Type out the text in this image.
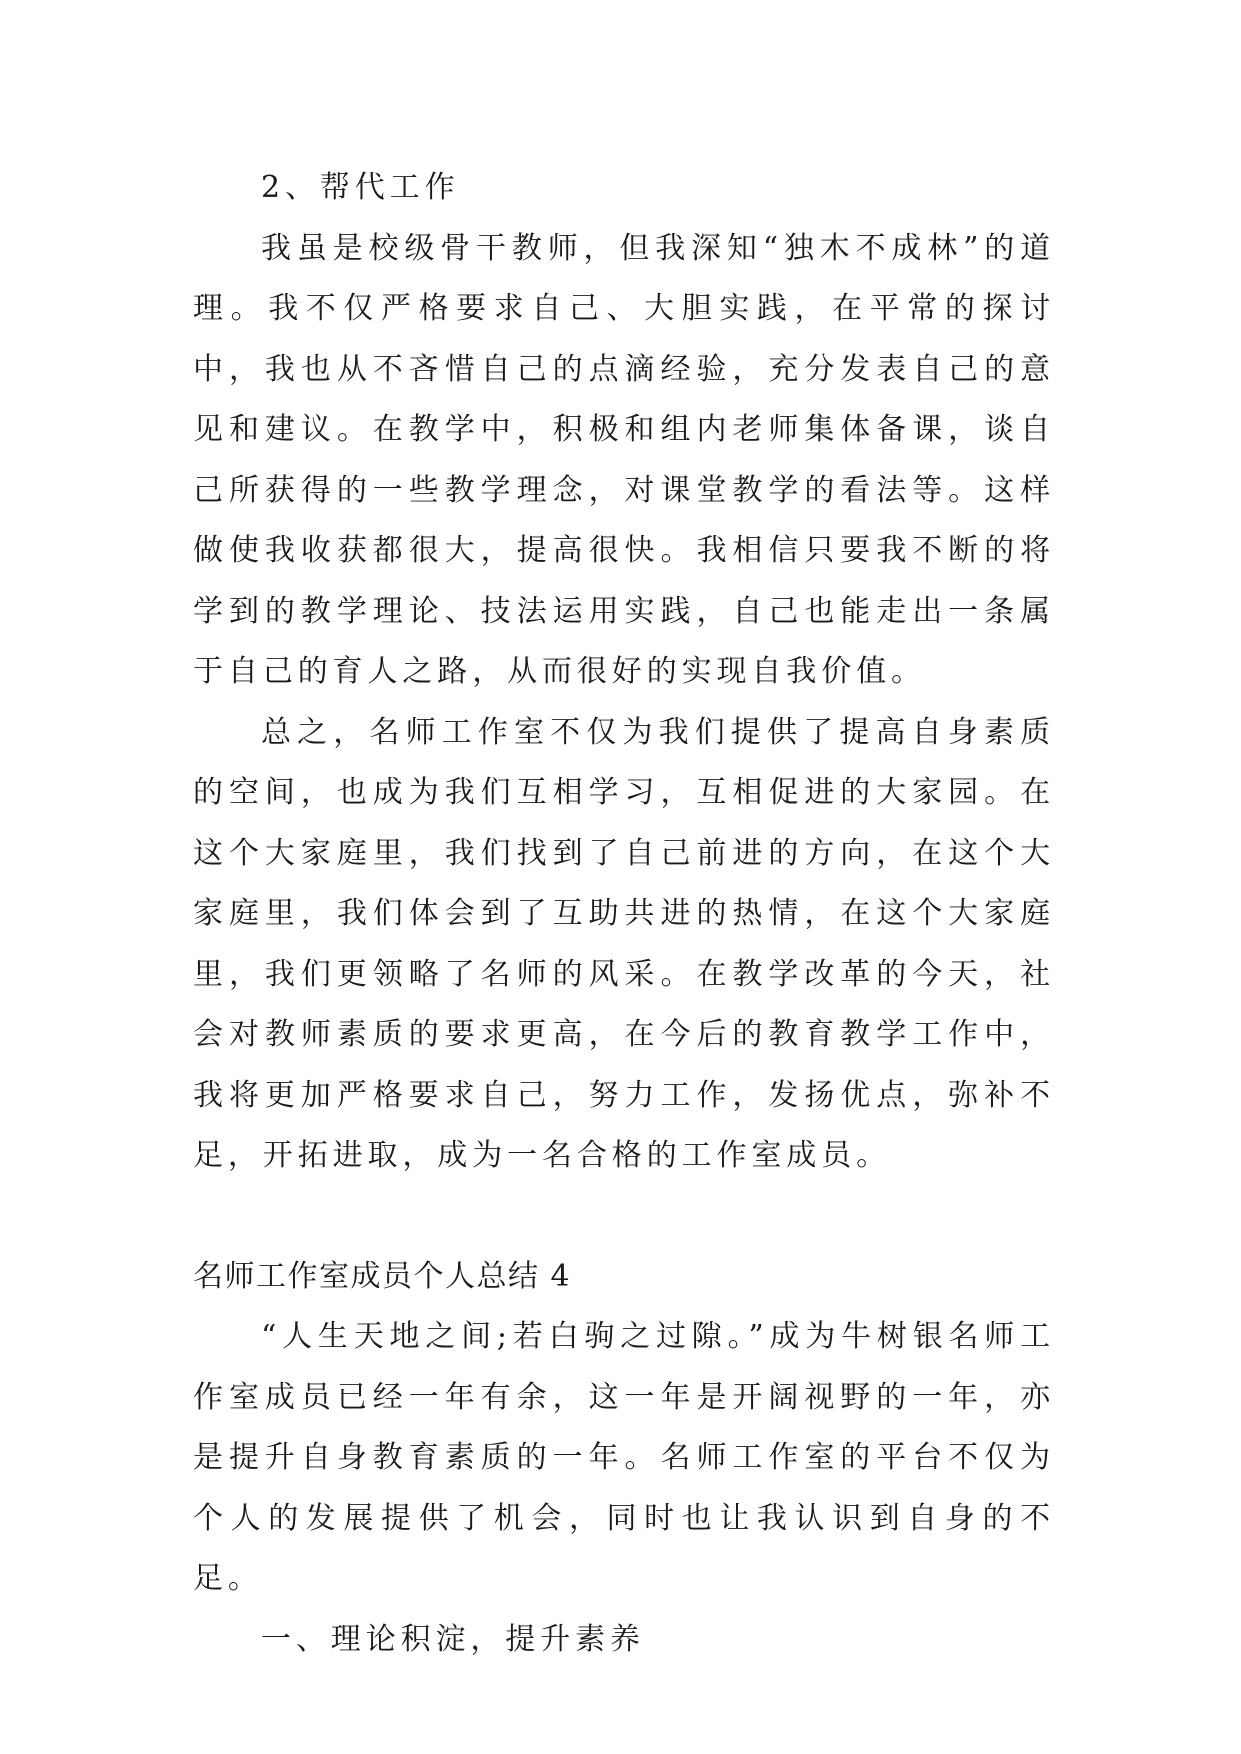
2、帮代工作

我虽是校级骨干教师，但我深知“独木不成林”的道理。我不仅严格要求自己、大胆实践，在平常的探讨中，我也从不吝惜自己的点滴经验，充分发表自己的意见和建议。在教学中，积极和组内老师集体备课，谈自己所获得的一些教学理念，对课堂教学的看法等。这样做使我收获都很大，提高很快。我相信只要我不断的将学到的教学理论、技法运用实践，自己也能走出一条属于自己的育人之路，从而很好的实现自我价值。

总之，名师工作室不仅为我们提供了提高自身素质的空间，也成为我们互相学习，互相促进的大家园。在这个大家庭里，我们找到了自己前进的方向，在这个大家庭里，我们体会到了互助共进的热情，在这个大家庭里，我们更领略了名师的风采。在教学改革的今天，社会对教师素质的要求更高，在今后的教育教学工作中，我将更加严格要求自己，努力工作，发扬优点，弥补不足，开拓进取，成为一名合格的工作室成员。

名师工作室成员个人总结 4

“人生天地之间;若白驹之过隙。”成为牛树银名师工作室成员已经一年有余，这一年是开阔视野的一年，亦是提升自身教育素质的一年。名师工作室的平台不仅为个人的发展提供了机会，同时也让我认识到自身的不足。

一、理论积淀，提升素养
